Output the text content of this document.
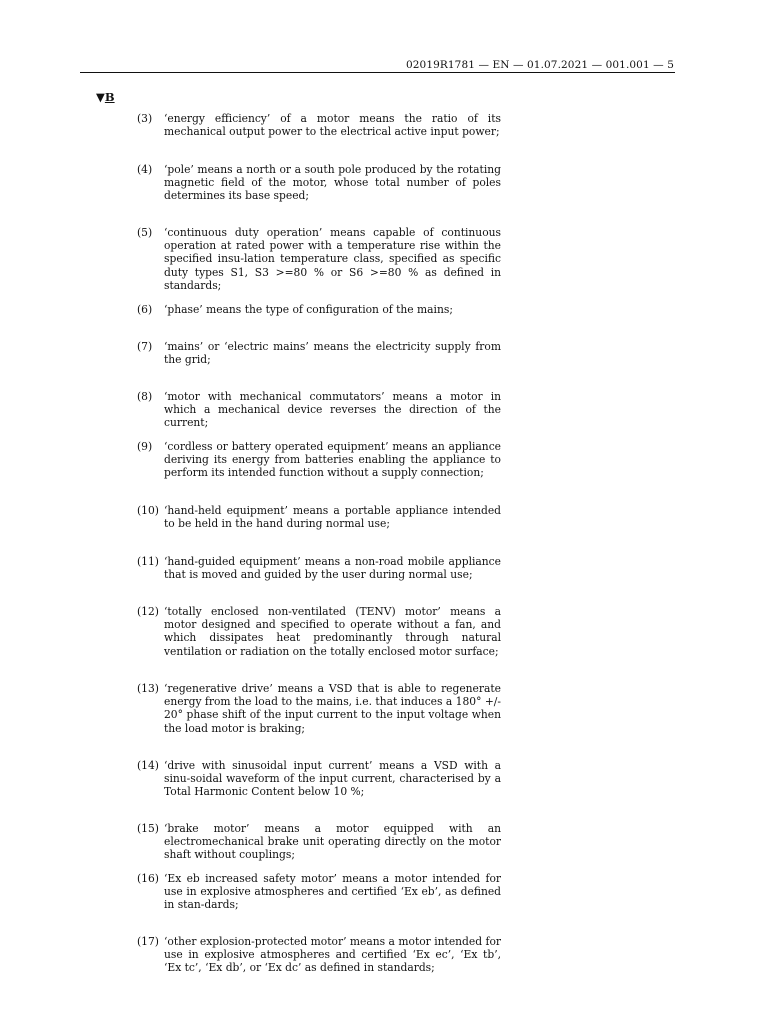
02019R1781 — EN — 01.07.2021 — 001.001 — 5
▼B
(3) ‘energy efficiency’ of a motor means the ratio of its mechanical output power to the electrical active input power;
(4) ‘pole’ means a north or a south pole produced by the rotating magnetic field of the motor, whose total number of poles determines its base speed;
(5) ‘continuous duty operation’ means capable of continuous operation at rated power with a temperature rise within the specified insu-lation temperature class, specified as specific duty types S1, S3 >=80 % or S6 >=80 % as defined in standards;
(6) ‘phase’ means the type of configuration of the mains;
(7) ‘mains’ or ‘electric mains’ means the electricity supply from the grid;
(8) ‘motor with mechanical commutators’ means a motor in which a mechanical device reverses the direction of the current;
(9) ‘cordless or battery operated equipment’ means an appliance deriving its energy from batteries enabling the appliance to perform its intended function without a supply connection;
(10) ‘hand-held equipment’ means a portable appliance intended to be held in the hand during normal use;
(11) ‘hand-guided equipment’ means a non-road mobile appliance that is moved and guided by the user during normal use;
(12) ‘totally enclosed non-ventilated (TENV) motor’ means a motor designed and specified to operate without a fan, and which dissipates heat predominantly through natural ventilation or radiation on the totally enclosed motor surface;
(13) ‘regenerative drive’ means a VSD that is able to regenerate energy from the load to the mains, i.e. that induces a 180° +/- 20° phase shift of the input current to the input voltage when the load motor is braking;
(14) ‘drive with sinusoidal input current’ means a VSD with a sinu-soidal waveform of the input current, characterised by a Total Harmonic Content below 10 %;
(15) ‘brake motor’ means a motor equipped with an electromechanical brake unit operating directly on the motor shaft without couplings;
(16) ‘Ex eb increased safety motor’ means a motor intended for use in explosive atmospheres and certified ‘Ex eb’, as defined in stan-dards;
(17) ‘other explosion-protected motor’ means a motor intended for use in explosive atmospheres and certified ‘Ex ec’, ‘Ex tb’, ‘Ex tc’, ‘Ex db’, or ‘Ex dc’ as defined in standards;
